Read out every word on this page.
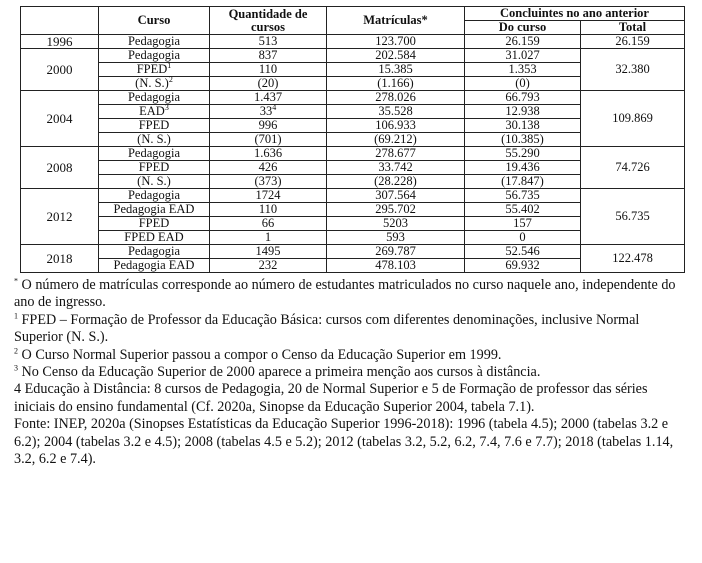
	Curso	Quantidade de cursos	Matrículas*	Concluintes no ano anterior	
				Do curso	Total
1996	Pedagogia	513	123.700	26.159	26.159
2000	Pedagogia	837	202.584	31.027	32.380
	FPED$^1$	110	15.385	1.353	
	(N. S.)$^2$	(20)	(1.166)	(0)	
2004	Pedagogia	1.437	278.026	66.793	109.869
	EAD$^3$	$33^4$	35.528	12.938	
	FPED	996	106.933	30.138	
	(N. S.)	(701)	(69.212)	(10.385)	
2008	Pedagogia	1.636	278.677	55.290	74.726
	FPED	426	33.742	19.436	
	(N. S.)	(373)	(28.228)	(17.847)	
2012	Pedagogia	1724	307.564	56.735	56.735
	Pedagogia EAD	110	295.702	55.402	
	FPED	66	5203	157	
	FPED EAD	1	593	0	
2018	Pedagogia	1495	269.787	52.546	122.478
	Pedagogia EAD	232	478.103	69.932	

* O número de matrículas corresponde ao número de estudantes matriculados no curso naquele ano, independente do ano de ingresso.

$^1$ FPED – Formação de Professor da Educação Básica: cursos com diferentes denominações, inclusive Normal Superior (N. S.).

$^2$ O Curso Normal Superior passou a compor o Censo da Educação Superior em 1999.

$^3$ No Censo da Educação Superior de 2000 aparece a primeira menção aos cursos à distância.

4 Educação à Distância: 8 cursos de Pedagogia, 20 de Normal Superior e 5 de Formação de professor das séries iniciais do ensino fundamental (Cf. 2020a, Sinopse da Educação Superior 2004, tabela 7.1).

Fonte: INEP, 2020a (Sinopses Estatísticas da Educação Superior 1996-2018): 1996 (tabela 4.5); 2000 (tabelas 3.2 e 6.2); 2004 (tabelas 3.2 e 4.5); 2008 (tabelas 4.5 e 5.2); 2012 (tabelas 3.2, 5.2, 6.2, 7.4, 7.6 e 7.7); 2018 (tabelas 1.14, 3.2, 6.2 e 7.4).
